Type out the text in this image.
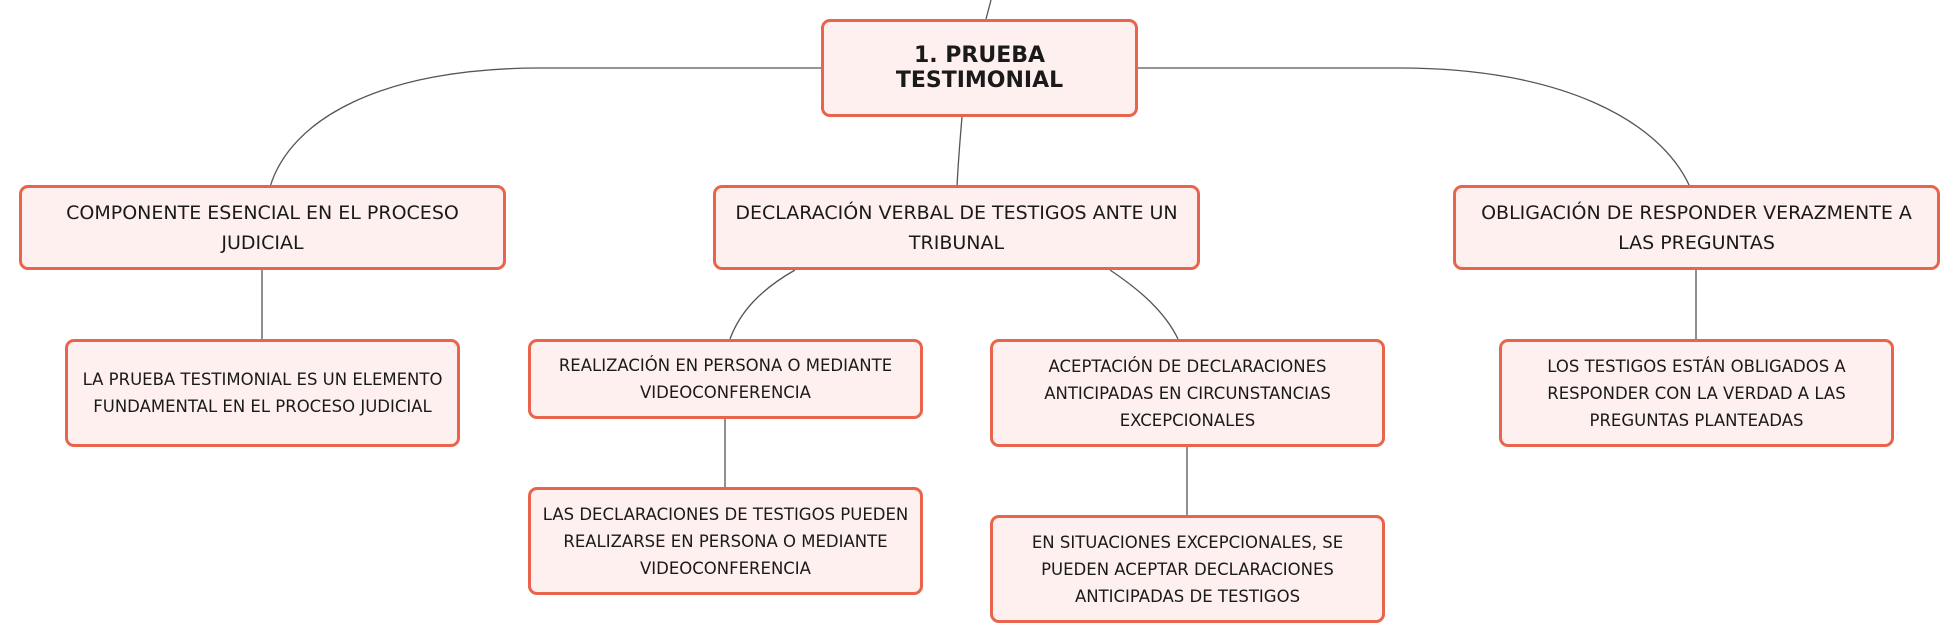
1. PRUEBA TESTIMONIAL
COMPONENTE ESENCIAL EN EL PROCESO JUDICIAL
DECLARACIÓN VERBAL DE TESTIGOS ANTE UN TRIBUNAL
OBLIGACIÓN DE RESPONDER VERAZMENTE A LAS PREGUNTAS
LA PRUEBA TESTIMONIAL ES UN ELEMENTO FUNDAMENTAL EN EL PROCESO JUDICIAL
REALIZACIÓN EN PERSONA O MEDIANTE VIDEOCONFERENCIA
ACEPTACIÓN DE DECLARACIONES ANTICIPADAS EN CIRCUNSTANCIAS EXCEPCIONALES
LOS TESTIGOS ESTÁN OBLIGADOS A RESPONDER CON LA VERDAD A LAS PREGUNTAS PLANTEADAS
LAS DECLARACIONES DE TESTIGOS PUEDEN REALIZARSE EN PERSONA O MEDIANTE VIDEOCONFERENCIA
EN SITUACIONES EXCEPCIONALES, SE PUEDEN ACEPTAR DECLARACIONES ANTICIPADAS DE TESTIGOS
